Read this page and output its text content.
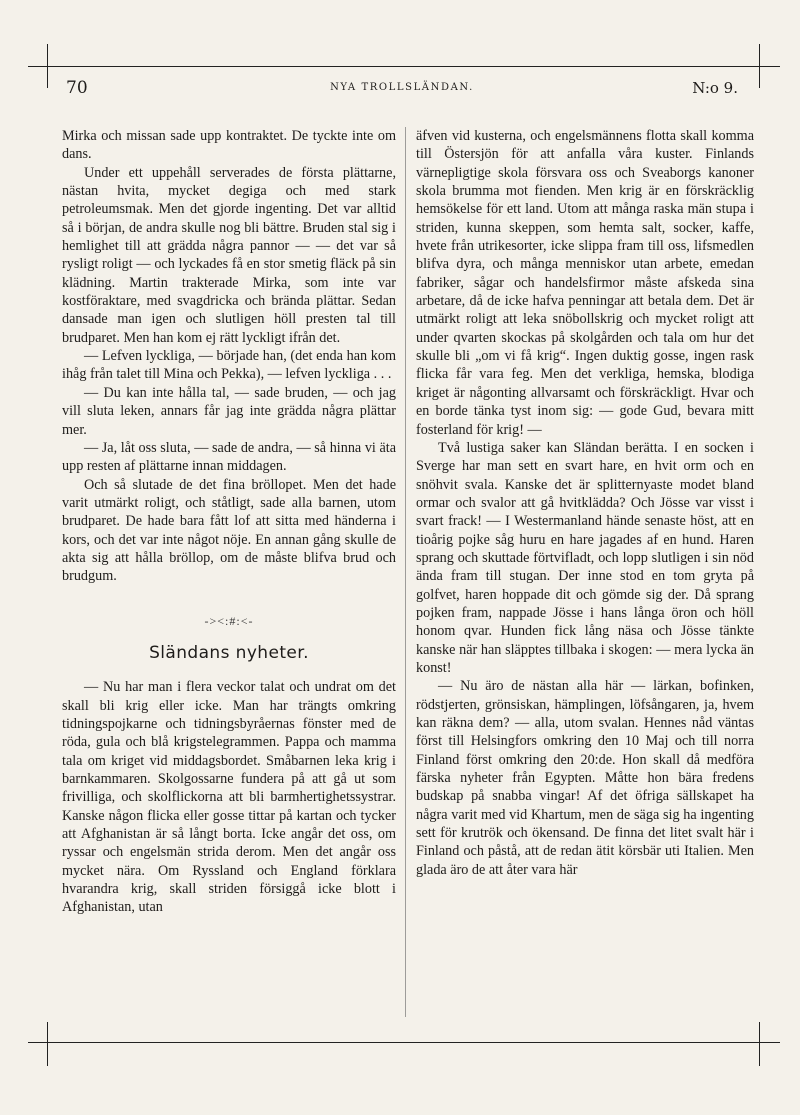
70	NYA TROLLSLÄNDAN.	N:o 9.

Mirka och missan sade upp kontraktet. De tyckte inte om dans.

Under ett uppehåll serverades de första plättarne, nästan hvita, mycket degiga och med stark petroleumsmak. Men det gjorde ingenting. Det var alltid så i början, de andra skulle nog bli bättre. Bruden stal sig i hemlighet till att grädda några pannor — — det var så rysligt roligt — och lyckades få en stor smetig fläck på sin klädning. Martin trakterade Mirka, som inte var kostföraktare, med svagdricka och brända plättar. Sedan dansade man igen och slutligen höll presten tal till brudparet. Men han kom ej rätt lyckligt ifrån det.

— Lefven lyckliga, — började han, (det enda han kom ihåg från talet till Mina och Pekka), — lefven lyckliga . . .

— Du kan inte hålla tal, — sade bruden, — och jag vill sluta leken, annars får jag inte grädda några plättar mer.

— Ja, låt oss sluta, — sade de andra, — så hinna vi äta upp resten af plättarne innan middagen.

Och så slutade de det fina bröllopet. Men det hade varit utmärkt roligt, och ståtligt, sade alla barnen, utom brudparet. De hade bara fått lof att sitta med händerna i kors, och det var inte något nöje. En annan gång skulle de akta sig att hålla bröllop, om de måste blifva brud och brudgum.

-><:#:<-
Sländans nyheter.

— Nu har man i flera veckor talat och undrat om det skall bli krig eller icke. Man har trängts omkring tidningspojkarne och tidningsbyråernas fönster med de röda, gula och blå krigstelegrammen. Pappa och mamma tala om kriget vid middagsbordet. Småbarnen leka krig i barnkammaren. Skolgossarne fundera på att gå ut som frivilliga, och skolflickorna att bli barmhertighetssystrar. Kanske någon flicka eller gosse tittar på kartan och tycker att Afghanistan är så långt borta. Icke angår det oss, om ryssar och engelsmän strida derom. Men det angår oss mycket nära. Om Ryssland och England förklara hvarandra krig, skall striden försiggå icke blott i Afghanistan, utan

äfven vid kusterna, och engelsmännens flotta skall komma till Östersjön för att anfalla våra kuster. Finlands värnepligtige skola försvara oss och Sveaborgs kanoner skola brumma mot fienden. Men krig är en förskräcklig hemsökelse för ett land. Utom att många raska män stupa i striden, kunna skeppen, som hemta salt, socker, kaffe, hvete från utrikesorter, icke slippa fram till oss, lifsmedlen blifva dyra, och många menniskor utan arbete, emedan fabriker, sågar och handelsfirmor måste afskeda sina arbetare, då de icke hafva penningar att betala dem. Det är utmärkt roligt att leka snöbollskrig och mycket roligt att under qvarten skockas på skolgården och tala om hur det skulle bli „om vi få krig“. Ingen duktig gosse, ingen rask flicka får vara feg. Men det verkliga, hemska, blodiga kriget är någonting allvarsamt och förskräckligt. Hvar och en borde tänka tyst inom sig: — gode Gud, bevara mitt fosterland för krig! —

Två lustiga saker kan Sländan berätta. I en socken i Sverge har man sett en svart hare, en hvit orm och en snöhvit svala. Kanske det är splitternyaste modet bland ormar och svalor att gå hvitklädda? Och Jösse var visst i svart frack! — I Westermanland hände senaste höst, att en tioårig pojke såg huru en hare jagades af en hund. Haren sprang och skuttade förtvifladt, och lopp slutligen i sin nöd ända fram till stugan. Der inne stod en tom gryta på golfvet, haren hoppade dit och gömde sig der. Då sprang pojken fram, nappade Jösse i hans långa öron och höll honom qvar. Hunden fick lång näsa och Jösse tänkte kanske när han släpptes tillbaka i skogen: — mera lycka än konst!

— Nu äro de nästan alla här — lärkan, bofinken, rödstjerten, grönsiskan, hämplingen, löfsångaren, ja, hvem kan räkna dem? — alla, utom svalan. Hennes nåd väntas först till Helsingfors omkring den 10 Maj och till norra Finland först omkring den 20:de. Hon skall då medföra färska nyheter från Egypten. Måtte hon bära fredens budskap på snabba vingar! Af det öfriga sällskapet ha några varit med vid Khartum, men de säga sig ha ingenting sett för krutrök och ökensand. De finna det litet svalt här i Finland och påstå, att de redan ätit körsbär uti Italien. Men glada äro de att åter vara här
